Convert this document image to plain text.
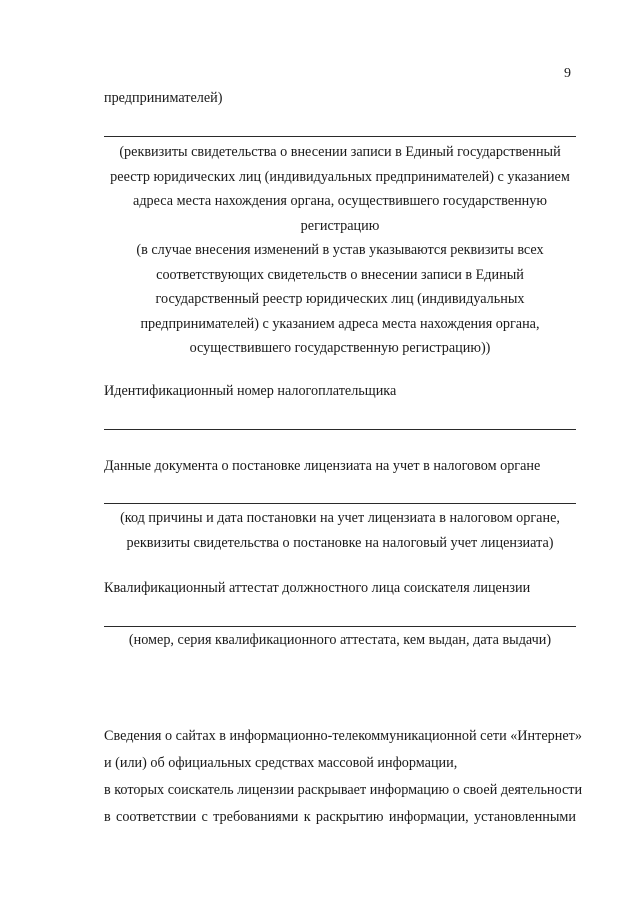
9
предпринимателей)
(реквизиты свидетельства о внесении записи в Единый государственный
реестр юридических лиц (индивидуальных предпринимателей) с указанием
адреса места нахождения органа, осуществившего государственную
регистрацию
(в случае внесения изменений в устав указываются реквизиты всех
соответствующих свидетельств о внесении записи в Единый
государственный реестр юридических лиц (индивидуальных
предпринимателей) с указанием адреса места нахождения органа,
осуществившего государственную регистрацию))
Идентификационный номер налогоплательщика
Данные документа о постановке лицензиата на учет в налоговом органе
(код причины и дата постановки на учет лицензиата в налоговом органе,
реквизиты свидетельства о постановке на налоговый учет лицензиата)
Квалификационный аттестат должностного лица соискателя лицензии
(номер, серия квалификационного аттестата, кем выдан, дата выдачи)
Сведения о сайтах в информационно-телекоммуникационной сети «Интернет»
и (или) об официальных средствах массовой информации,
в которых соискатель лицензии раскрывает информацию о своей деятельности
в соответствии с требованиями к раскрытию информации, установленными
